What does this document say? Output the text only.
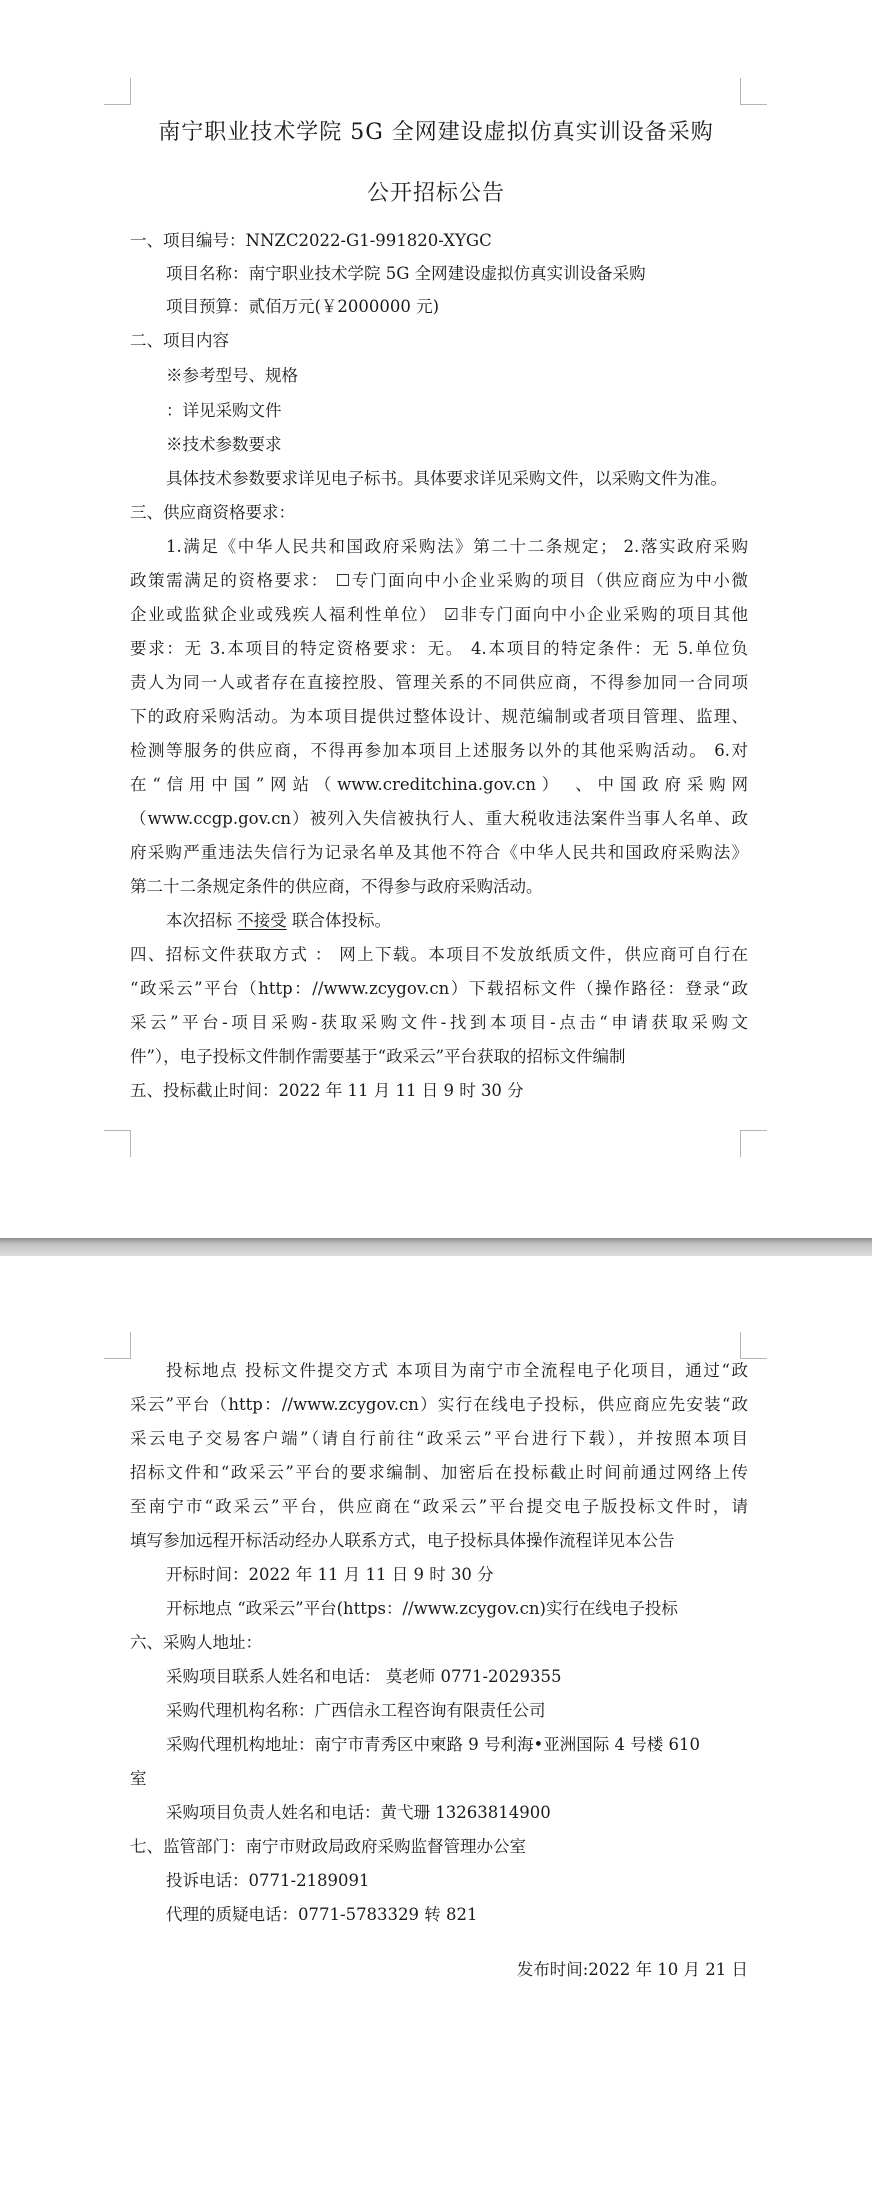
南宁职业技术学院 5G 全网建设虚拟仿真实训设备采购
公开招标公告
一、项目编号：NNZC2022-G1-991820-XYGC
项目名称：南宁职业技术学院 5G 全网建设虚拟仿真实训设备采购
项目预算：贰佰万元(￥2000000 元)
二、项目内容
※参考型号、规格
：详见采购文件
※技术参数要求
具体技术参数要求详见电子标书。具体要求详见采购文件，以采购文件为准。
三、供应商资格要求：
1.满足《中华人民共和国政府采购法》第二十二条规定； 2.落实政府采购
政策需满足的资格要求： ☐专门面向中小企业采购的项目（供应商应为中小微
企业或监狱企业或残疾人福利性单位） ☑非专门面向中小企业采购的项目其他
要求：无 3.本项目的特定资格要求：无。 4.本项目的特定条件：无 5.单位负
责人为同一人或者存在直接控股、管理关系的不同供应商，不得参加同一合同项
下的政府采购活动。为本项目提供过整体设计、规范编制或者项目管理、监理、
检测等服务的供应商，不得再参加本项目上述服务以外的其他采购活动。 6.对
在“信用中国”网站（www.creditchina.gov.cn） 、中国政府采购网
（www.ccgp.gov.cn）被列入失信被执行人、重大税收违法案件当事人名单、政
府采购严重违法失信行为记录名单及其他不符合《中华人民共和国政府采购法》
第二十二条规定条件的供应商，不得参与政府采购活动。
本次招标 不接受 联合体投标。
四、招标文件获取方式 ： 网上下载。本项目不发放纸质文件，供应商可自行在
“政采云”平台（http：//www.zcygov.cn）下载招标文件（操作路径：登录“政
采云”平台-项目采购-获取采购文件-找到本项目-点击“申请获取采购文
件”），电子投标文件制作需要基于“政采云”平台获取的招标文件编制
五、投标截止时间：2022 年 11 月 11 日 9 时 30 分
投标地点 投标文件提交方式 本项目为南宁市全流程电子化项目，通过“政
采云”平台（http：//www.zcygov.cn）实行在线电子投标，供应商应先安装“政
采云电子交易客户端”（请自行前往“政采云”平台进行下载），并按照本项目
招标文件和“政采云”平台的要求编制、加密后在投标截止时间前通过网络上传
至南宁市“政采云”平台，供应商在“政采云”平台提交电子版投标文件时，请
填写参加远程开标活动经办人联系方式，电子投标具体操作流程详见本公告
开标时间：2022 年 11 月 11 日 9 时 30 分
开标地点 “政采云”平台(https：//www.zcygov.cn)实行在线电子投标
六、采购人地址：
采购项目联系人姓名和电话： 莫老师 0771-2029355
采购代理机构名称：广西信永工程咨询有限责任公司
采购代理机构地址：南宁市青秀区中柬路 9 号利海•亚洲国际 4 号楼 610
室
采购项目负责人姓名和电话：黄弋珊 13263814900
七、监管部门：南宁市财政局政府采购监督管理办公室
投诉电话：0771-2189091
代理的质疑电话：0771-5783329 转 821
发布时间:2022 年 10 月 21 日
